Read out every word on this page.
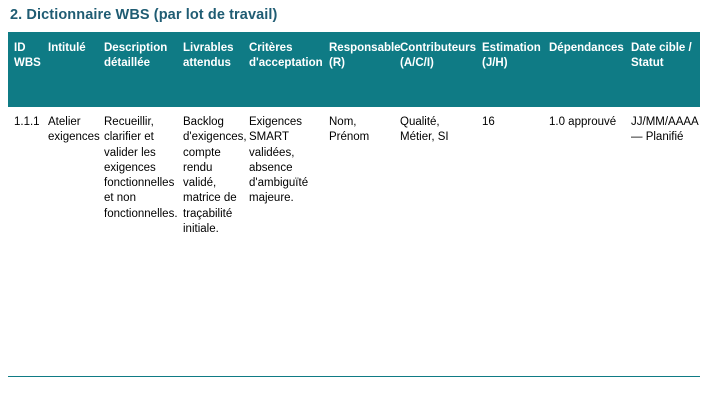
2. Dictionnaire WBS (par lot de travail)
ID WBS	Intitulé	Description détaillée	Livrables attendus	Critères d'acceptation	Responsable (R)	Contributeurs (A/C/I)	Estimation (J/H)	Dépendances	Date cible / Statut
1.1.1	Atelier exigences	Recueillir, clarifier et valider les exigences fonctionnelles et non fonctionnelles.	Backlog d'exigences, compte rendu validé, matrice de traçabilité initiale.	Exigences SMART validées, absence d'ambiguïté majeure.	Nom, Prénom	Qualité, Métier, SI	16	1.0 approuvé	JJ/MM/AAAA — Planifié
